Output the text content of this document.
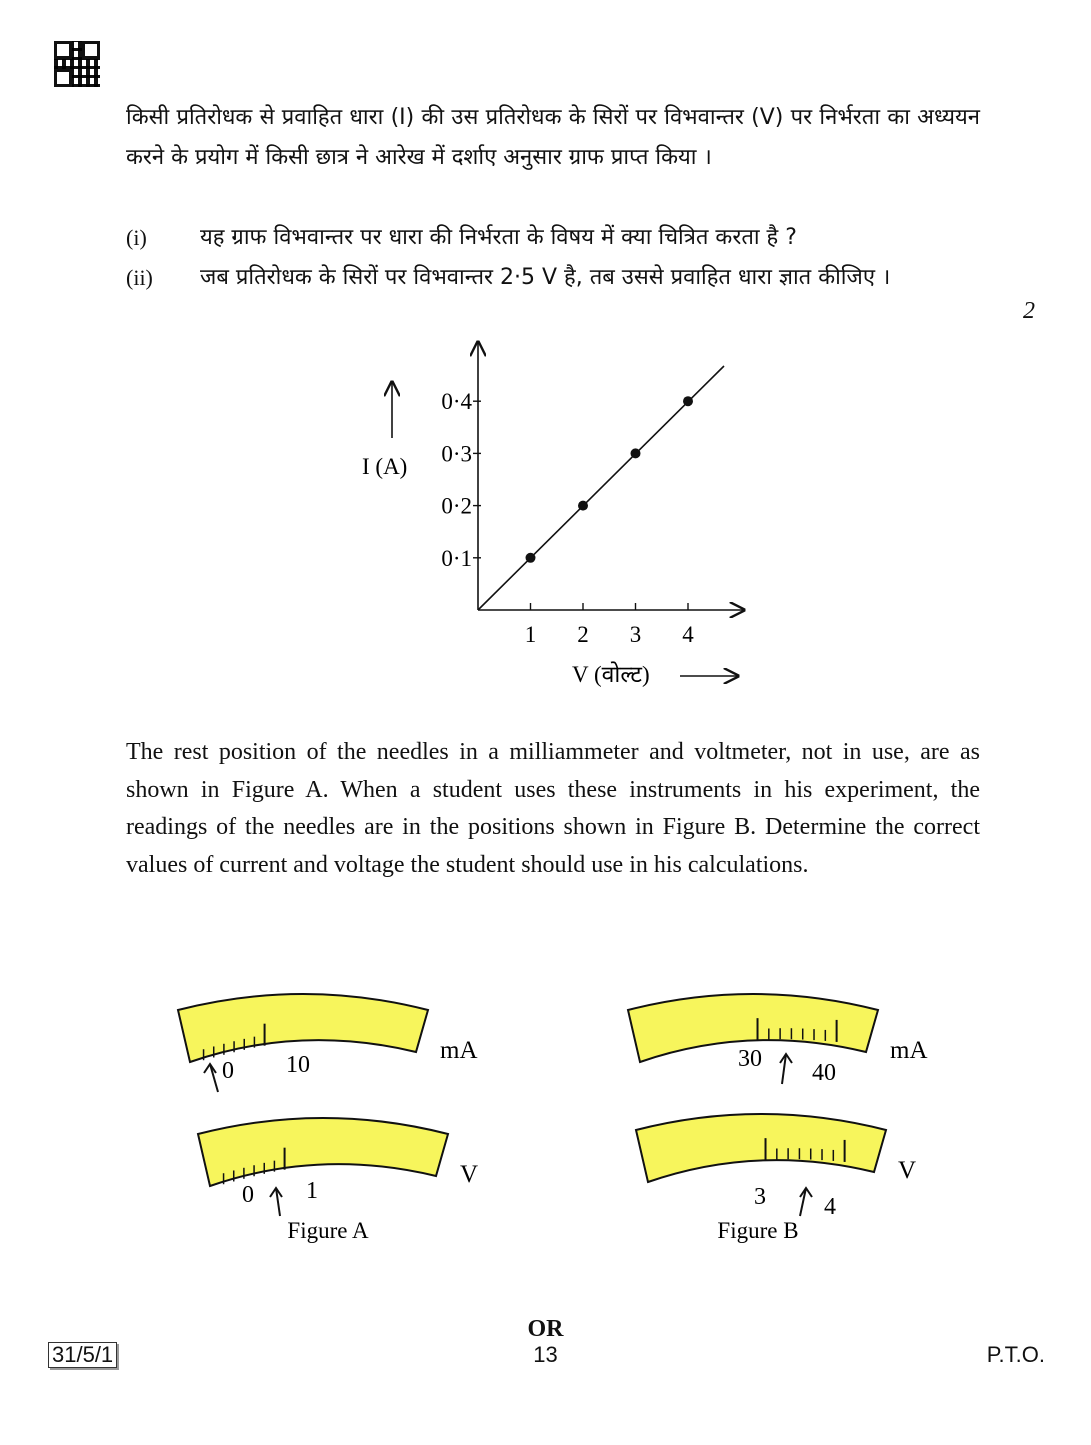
किसी प्रतिरोधक से प्रवाहित धारा (I) की उस प्रतिरोधक के सिरों पर विभवान्तर (V) पर निर्भरता का अध्ययन करने के प्रयोग में किसी छात्र ने आरेख में दर्शाए अनुसार ग्राफ प्राप्त किया ।
(i) यह ग्राफ विभवान्तर पर धारा की निर्भरता के विषय में क्या चित्रित करता है ?
(ii) जब प्रतिरोधक के सिरों पर विभवान्तर 2·5 V है, तब उससे प्रवाहित धारा ज्ञात कीजिए ।
2
1 2 3 4
0·1
0·2
0·3
0·4
I (A)
V (वोल्ट)
The rest position of the needles in a milliammeter and voltmeter, not in use, are as shown in Figure A. When a student uses these instruments in his experiment, the readings of the needles are in the positions shown in Figure B. Determine the correct values of current and voltage the student should use in his calculations.
0 10
mA
0 1
V
30
40
mA
3 4
V
Figure A	Figure B
OR
31/5/1	13	P.T.O.
